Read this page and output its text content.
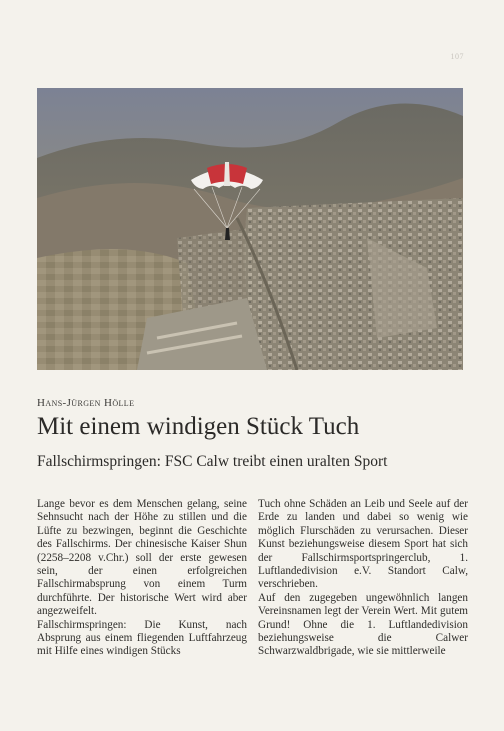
107
Hans-Jürgen Hölle
Mit einem windigen Stück Tuch
Fallschirmspringen: FSC Calw treibt einen uralten Sport

Lange bevor es dem Menschen gelang, seine Sehnsucht nach der Höhe zu stillen und die Lüfte zu bezwingen, beginnt die Geschichte des Fallschirms. Der chinesische Kaiser Shun (2258–2208 v.Chr.) soll der erste gewesen sein, der einen erfolgreichen Fallschirmabsprung von einem Turm durchführte. Der historische Wert wird aber angezweifelt.

Fallschirmspringen: Die Kunst, nach Absprung aus einem fliegenden Luftfahrzeug mit Hilfe eines windigen Stücks

Tuch ohne Schäden an Leib und Seele auf der Erde zu landen und dabei so wenig wie möglich Flurschäden zu verursachen. Dieser Kunst beziehungsweise diesem Sport hat sich der Fallschirmsportspringerclub, 1. Luftlandedivision e.V. Standort Calw, verschrieben.

Auf den zugegeben ungewöhnlich langen Vereinsnamen legt der Verein Wert. Mit gutem Grund! Ohne die 1. Luftlandedivision beziehungsweise die Calwer Schwarzwaldbrigade, wie sie mittlerweile
